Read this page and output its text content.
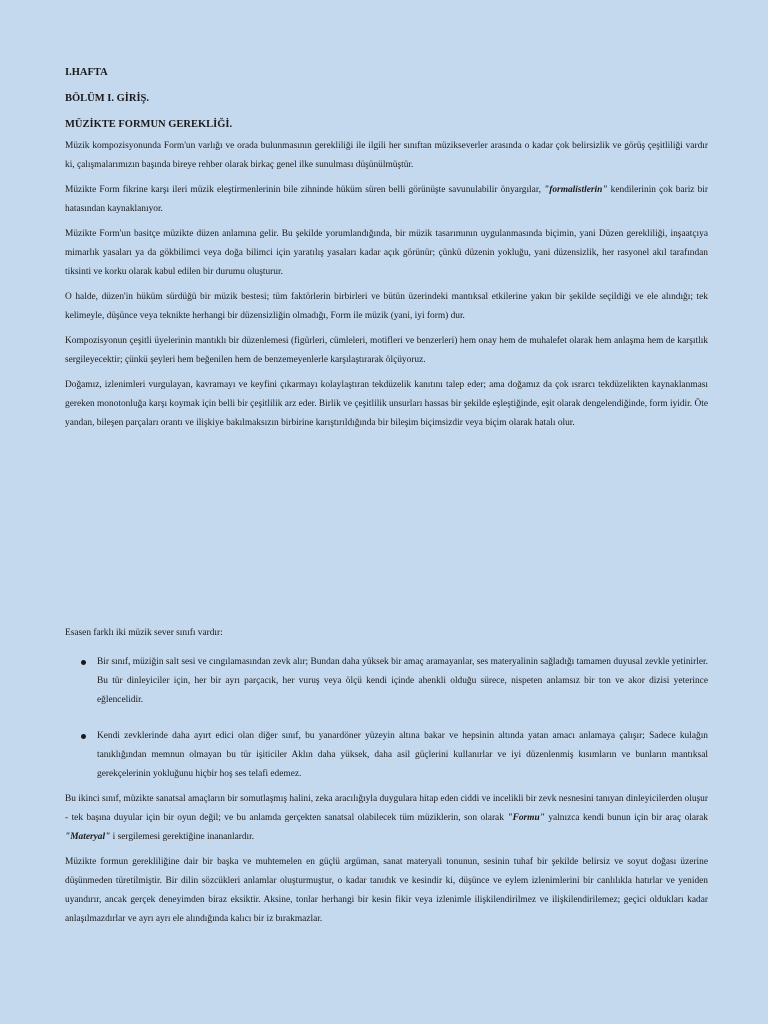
I.HAFTA
BÖLÜM I. GİRİŞ.
MÜZİKTE FORMUN GEREKLİĞİ.

Müzik kompozisyonunda Form'un varlığı ve orada bulunmasının gerekliliği ile ilgili her sınıftan müzikseverler arasında o kadar çok belirsizlik ve görüş çeşitliliği vardır ki, çalışmalarımızın başında bireye rehber olarak birkaç genel ilke sunulması düşünülmüştür.

Müzikte Form fikrine karşı ileri müzik eleştirmenlerinin bile zihninde hüküm süren belli görünüşte savunulabilir önyargılar, "formalistlerin" kendilerinin çok bariz bir hatasından kaynaklanıyor.

Müzikte Form'un basitçe müzikte düzen anlamına gelir. Bu şekilde yorumlandığında, bir müzik tasarımının uygulanmasında biçimin, yani Düzen gerekliliği, inşaatçıya mimarlık yasaları ya da gökbilimci veya doğa bilimci için yaratılış yasaları kadar açık görünür; çünkü düzenin yokluğu, yani düzensizlik, her rasyonel akıl tarafından tiksinti ve korku olarak kabul edilen bir durumu oluşturur.

O halde, düzen'in hüküm sürdüğü bir müzik bestesi; tüm faktörlerin birbirleri ve bütün üzerindeki mantıksal etkilerine yakın bir şekilde seçildiği ve ele alındığı; tek kelimeyle, düşünce veya teknikte herhangi bir düzensizliğin olmadığı, Form ile müzik (yani, iyi form) dur.

Kompozisyonun çeşitli üyelerinin mantıklı bir düzenlemesi (figürleri, cümleleri, motifleri ve benzerleri) hem onay hem de muhalefet olarak hem anlaşma hem de karşıtlık sergileyecektir; çünkü şeyleri hem beğenilen hem de benzemeyenlerle karşılaştırarak ölçüyoruz.

Doğamız, izlenimleri vurgulayan, kavramayı ve keyfini çıkarmayı kolaylaştıran tekdüzelik kanıtını talep eder; ama doğamız da çok ısrarcı tekdüzelikten kaynaklanması gereken monotonluğa karşı koymak için belli bir çeşitlilik arz eder. Birlik ve çeşitlilik unsurları hassas bir şekilde eşleştiğinde, eşit olarak dengelendiğinde, form iyidir. Öte yandan, bileşen parçaları orantı ve ilişkiye bakılmaksızın birbirine karıştırıldığında bir bileşim biçimsizdir veya biçim olarak hatalı olur.

Esasen farklı iki müzik sever sınıfı vardır:

Bir sınıf, müziğin salt sesi ve cıngılamasından zevk alır; Bundan daha yüksek bir amaç aramayanlar, ses materyalinin sağladığı tamamen duyusal zevkle yetinirler. Bu tür dinleyiciler için, her bir ayrı parçacık, her vuruş veya ölçü kendi içinde ahenkli olduğu sürece, nispeten anlamsız bir ton ve akor dizisi yeterince eğlencelidir.
Kendi zevklerinde daha ayırt edici olan diğer sınıf, bu yanardöner yüzeyin altına bakar ve hepsinin altında yatan amacı anlamaya çalışır; Sadece kulağın tanıklığından memnun olmayan bu tür işiticiler Aklın daha yüksek, daha asil güçlerini kullanırlar ve iyi düzenlenmiş kısımların ve bunların mantıksal gerekçelerinin yokluğunu hiçbir hoş ses telafi edemez.

Bu ikinci sınıf, müzikte sanatsal amaçların bir somutlaşmış halini, zeka aracılığıyla duygulara hitap eden ciddi ve incelikli bir zevk nesnesini tanıyan dinleyicilerden oluşur - tek başına duyular için bir oyun değil; ve bu anlamda gerçekten sanatsal olabilecek tüm müziklerin, son olarak "Formu" yalnızca kendi bunun için bir araç olarak "Materyal" i sergilemesi gerektiğine inananlardır.

Müzikte formun gerekliliğine dair bir başka ve muhtemelen en güçlü argüman, sanat materyali tonunun, sesinin tuhaf bir şekilde belirsiz ve soyut doğası üzerine düşünmeden türetilmiştir. Bir dilin sözcükleri anlamlar oluşturmuştur, o kadar tanıdık ve kesindir ki, düşünce ve eylem izlenimlerini bir canlılıkla hatırlar ve yeniden uyandırır, ancak gerçek deneyimden biraz eksiktir. Aksine, tonlar herhangi bir kesin fikir veya izlenimle ilişkilendirilmez ve ilişkilendirilemez; geçici oldukları kadar anlaşılmazdırlar ve ayrı ayrı ele alındığında kalıcı bir iz bırakmazlar.
